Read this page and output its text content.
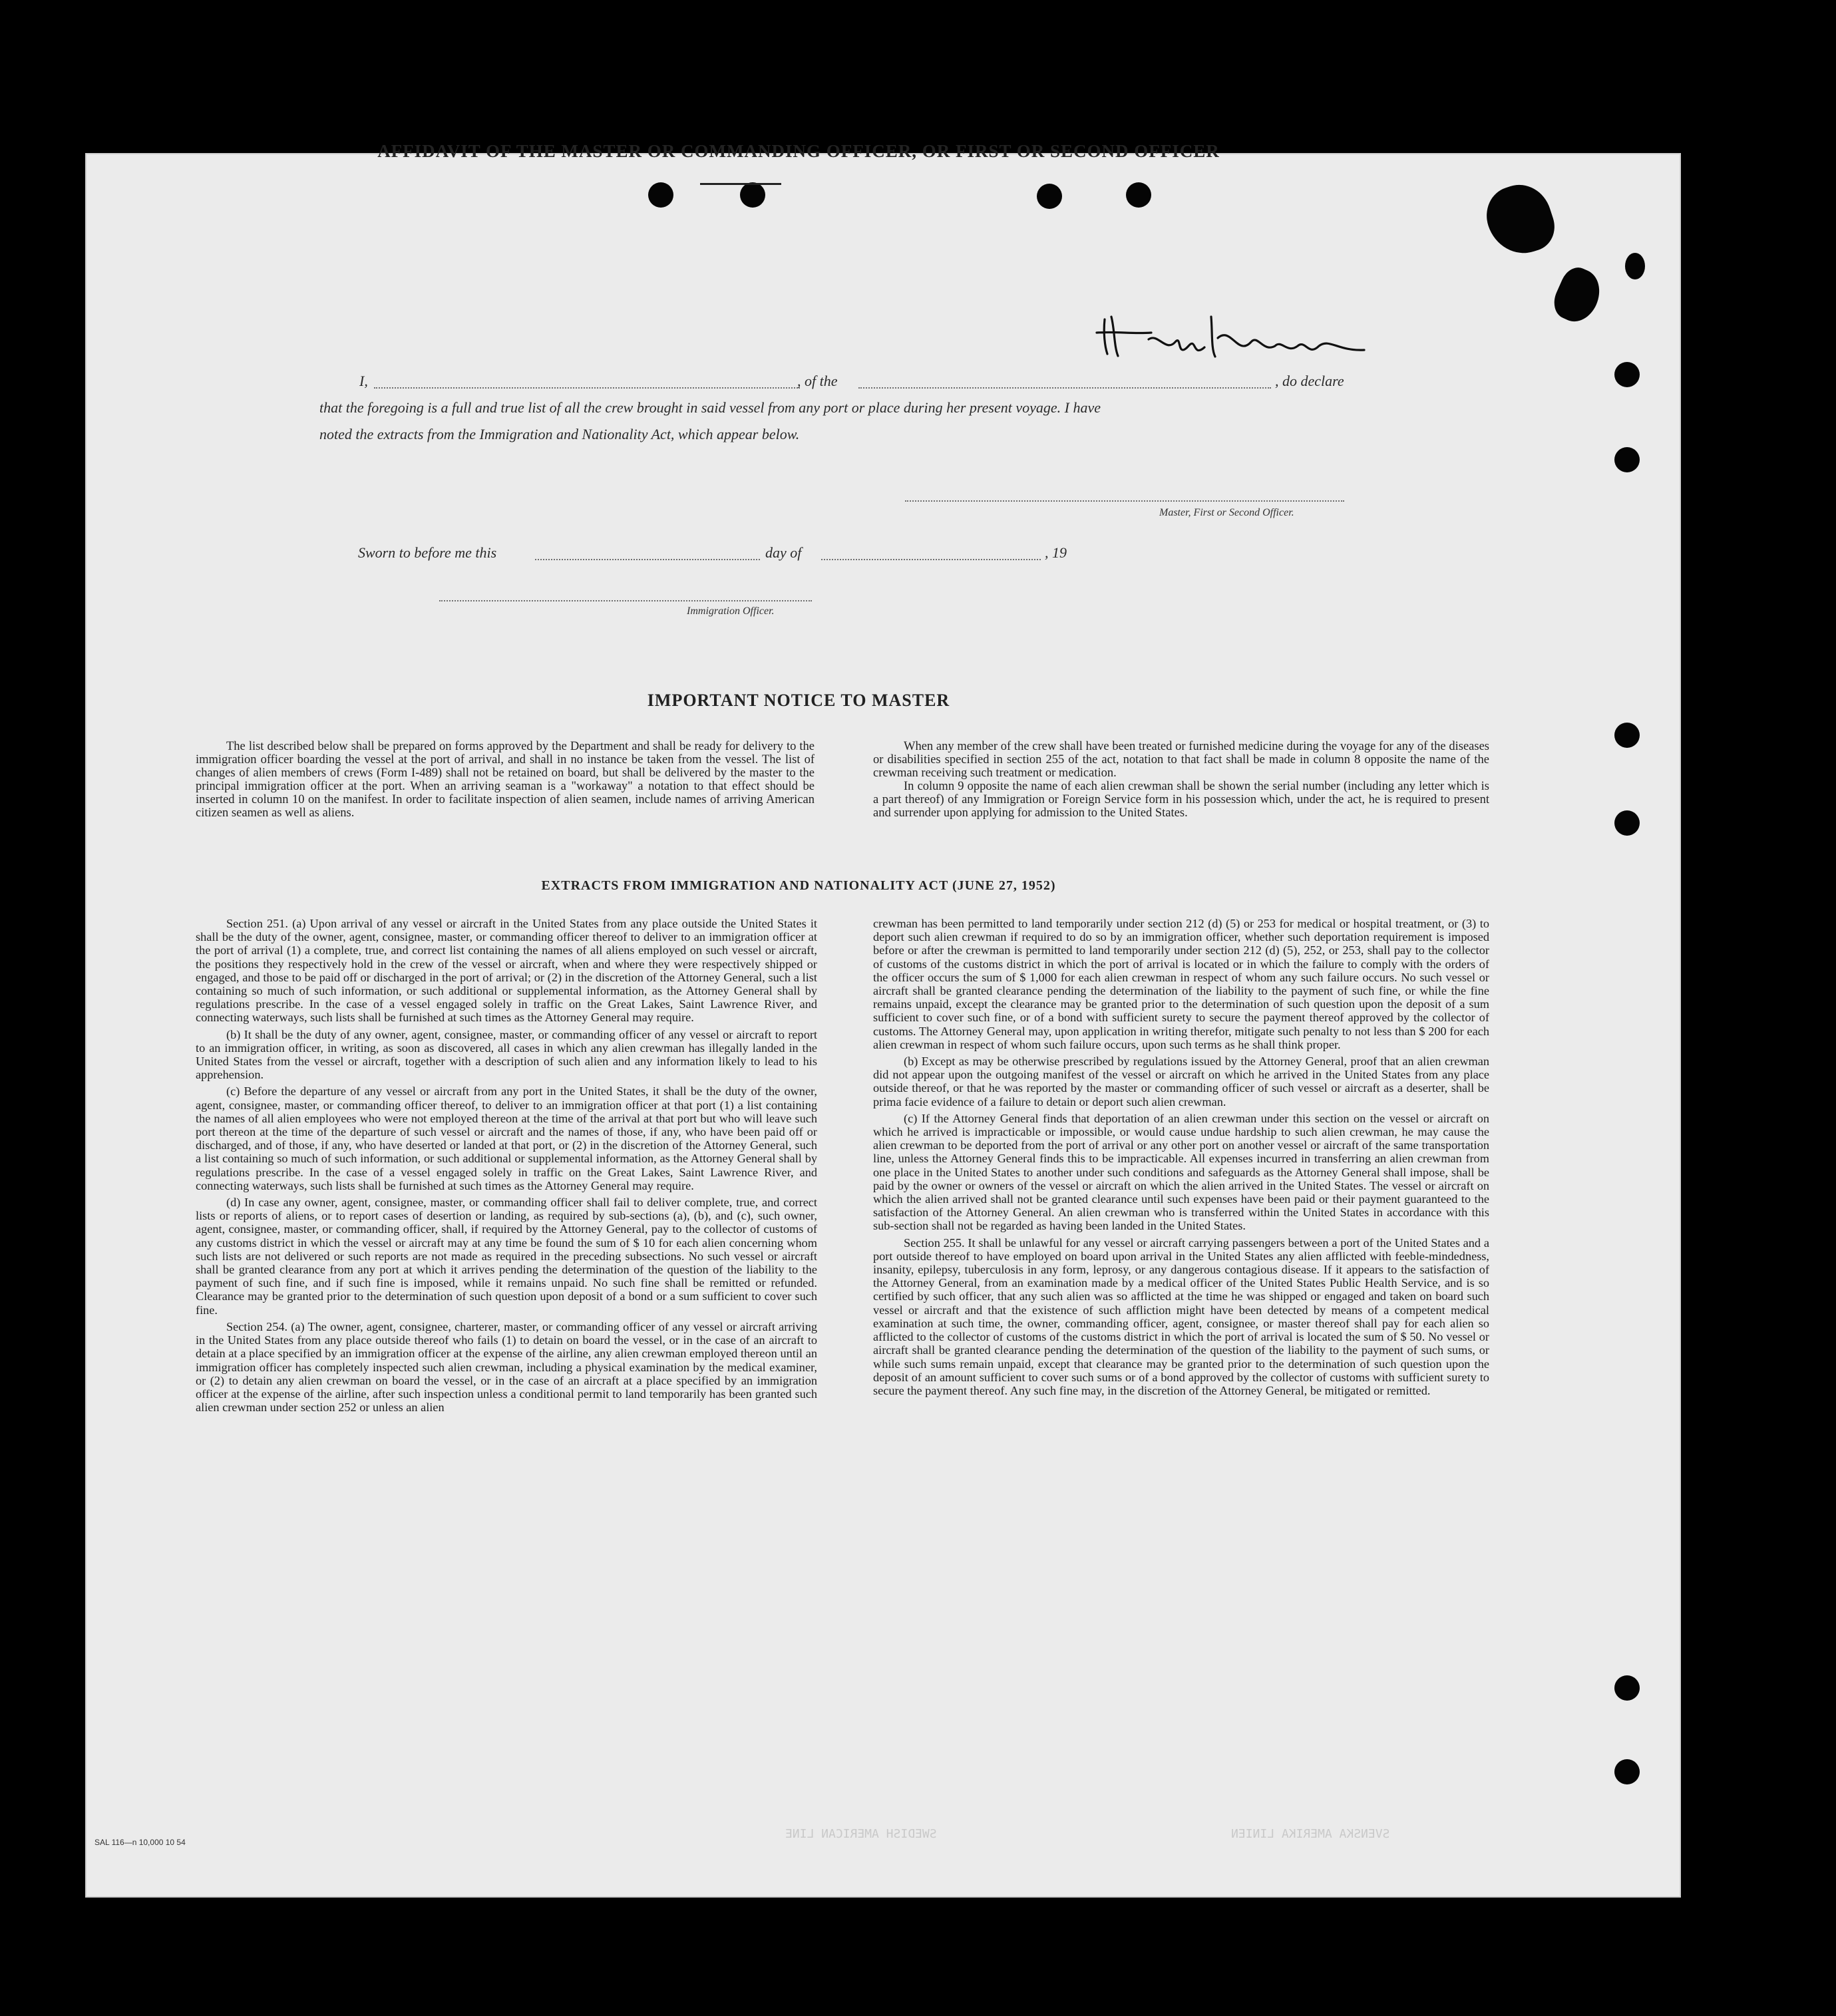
SVENSKA AMERIKA LINIEN
SWEDISH AMERICAN LINE
AFFIDAVIT OF THE MASTER OR COMMANDING OFFICER, OR FIRST OR SECOND OFFICER
I,	, of the	, do declare
that the foregoing is a full and true list of all the crew brought in said vessel from any port or place during her present voyage. I have
noted the extracts from the Immigration and Nationality Act, which appear below.
Master, First or Second Officer.
Sworn to before me this	day of	, 19
Immigration Officer.
IMPORTANT NOTICE TO MASTER

The list described below shall be prepared on forms approved by the Department and shall be ready for delivery to the immigration officer boarding the vessel at the port of arrival, and shall in no instance be taken from the vessel. The list of changes of alien members of crews (Form I-489) shall not be retained on board, but shall be delivered by the master to the principal immigration officer at the port. When an arriving seaman is a "workaway" a notation to that effect should be inserted in column 10 on the manifest. In order to facilitate inspection of alien seamen, include names of arriving American citizen seamen as well as aliens.

When any member of the crew shall have been treated or furnished medicine during the voyage for any of the diseases or disabilities specified in section 255 of the act, notation to that fact shall be made in column 8 opposite the name of the crewman receiving such treatment or medication.

In column 9 opposite the name of each alien crewman shall be shown the serial number (including any letter which is a part thereof) of any Immigration or Foreign Service form in his possession which, under the act, he is required to present and surrender upon applying for admission to the United States.

EXTRACTS FROM IMMIGRATION AND NATIONALITY ACT (JUNE 27, 1952)

Section 251. (a) Upon arrival of any vessel or aircraft in the United States from any place outside the United States it shall be the duty of the owner, agent, consignee, master, or commanding officer thereof to deliver to an immigration officer at the port of arrival (1) a complete, true, and correct list containing the names of all aliens employed on such vessel or aircraft, the positions they respectively hold in the crew of the vessel or aircraft, when and where they were respectively shipped or engaged, and those to be paid off or discharged in the port of arrival; or (2) in the discretion of the Attorney General, such a list containing so much of such information, or such additional or supplemental information, as the Attorney General shall by regulations prescribe. In the case of a vessel engaged solely in traffic on the Great Lakes, Saint Lawrence River, and connecting waterways, such lists shall be furnished at such times as the Attorney General may require.

(b) It shall be the duty of any owner, agent, consignee, master, or commanding officer of any vessel or aircraft to report to an immigration officer, in writing, as soon as discovered, all cases in which any alien crewman has illegally landed in the United States from the vessel or aircraft, together with a description of such alien and any information likely to lead to his apprehension.

(c) Before the departure of any vessel or aircraft from any port in the United States, it shall be the duty of the owner, agent, consignee, master, or commanding officer thereof, to deliver to an immigration officer at that port (1) a list containing the names of all alien employees who were not employed thereon at the time of the arrival at that port but who will leave such port thereon at the time of the departure of such vessel or aircraft and the names of those, if any, who have been paid off or discharged, and of those, if any, who have deserted or landed at that port, or (2) in the discretion of the Attorney General, such a list containing so much of such information, or such additional or supplemental information, as the Attorney General shall by regulations prescribe. In the case of a vessel engaged solely in traffic on the Great Lakes, Saint Lawrence River, and connecting waterways, such lists shall be furnished at such times as the Attorney General may require.

(d) In case any owner, agent, consignee, master, or commanding officer shall fail to deliver complete, true, and correct lists or reports of aliens, or to report cases of desertion or landing, as required by sub-sections (a), (b), and (c), such owner, agent, consignee, master, or commanding officer, shall, if required by the Attorney General, pay to the collector of customs of any customs district in which the vessel or aircraft may at any time be found the sum of $ 10 for each alien concerning whom such lists are not delivered or such reports are not made as required in the preceding subsections. No such vessel or aircraft shall be granted clearance from any port at which it arrives pending the determination of the question of the liability to the payment of such fine, and if such fine is imposed, while it remains unpaid. No such fine shall be remitted or refunded. Clearance may be granted prior to the determination of such question upon deposit of a bond or a sum sufficient to cover such fine.

Section 254. (a) The owner, agent, consignee, charterer, master, or commanding officer of any vessel or aircraft arriving in the United States from any place outside thereof who fails (1) to detain on board the vessel, or in the case of an aircraft to detain at a place specified by an immigration officer at the expense of the airline, any alien crewman employed thereon until an immigration officer has completely inspected such alien crewman, including a physical examination by the medical examiner, or (2) to detain any alien crewman on board the vessel, or in the case of an aircraft at a place specified by an immigration officer at the expense of the airline, after such inspection unless a conditional permit to land temporarily has been granted such alien crewman under section 252 or unless an alien

crewman has been permitted to land temporarily under section 212 (d) (5) or 253 for medical or hospital treatment, or (3) to deport such alien crewman if required to do so by an immigration officer, whether such deportation requirement is imposed before or after the crewman is permitted to land temporarily under section 212 (d) (5), 252, or 253, shall pay to the collector of customs of the customs district in which the port of arrival is located or in which the failure to comply with the orders of the officer occurs the sum of $ 1,000 for each alien crewman in respect of whom any such failure occurs. No such vessel or aircraft shall be granted clearance pending the determination of the liability to the payment of such fine, or while the fine remains unpaid, except the clearance may be granted prior to the determination of such question upon the deposit of a sum sufficient to cover such fine, or of a bond with sufficient surety to secure the payment thereof approved by the collector of customs. The Attorney General may, upon application in writing therefor, mitigate such penalty to not less than $ 200 for each alien crewman in respect of whom such failure occurs, upon such terms as he shall think proper.

(b) Except as may be otherwise prescribed by regulations issued by the Attorney General, proof that an alien crewman did not appear upon the outgoing manifest of the vessel or aircraft on which he arrived in the United States from any place outside thereof, or that he was reported by the master or commanding officer of such vessel or aircraft as a deserter, shall be prima facie evidence of a failure to detain or deport such alien crewman.

(c) If the Attorney General finds that deportation of an alien crewman under this section on the vessel or aircraft on which he arrived is impracticable or impossible, or would cause undue hardship to such alien crewman, he may cause the alien crewman to be deported from the port of arrival or any other port on another vessel or aircraft of the same transportation line, unless the Attorney General finds this to be impracticable. All expenses incurred in transferring an alien crewman from one place in the United States to another under such conditions and safeguards as the Attorney General shall impose, shall be paid by the owner or owners of the vessel or aircraft on which the alien arrived in the United States. The vessel or aircraft on which the alien arrived shall not be granted clearance until such expenses have been paid or their payment guaranteed to the satisfaction of the Attorney General. An alien crewman who is transferred within the United States in accordance with this sub-section shall not be regarded as having been landed in the United States.

Section 255. It shall be unlawful for any vessel or aircraft carrying passengers between a port of the United States and a port outside thereof to have employed on board upon arrival in the United States any alien afflicted with feeble-mindedness, insanity, epilepsy, tuberculosis in any form, leprosy, or any dangerous contagious disease. If it appears to the satisfaction of the Attorney General, from an examination made by a medical officer of the United States Public Health Service, and is so certified by such officer, that any such alien was so afflicted at the time he was shipped or engaged and taken on board such vessel or aircraft and that the existence of such affliction might have been detected by means of a competent medical examination at such time, the owner, commanding officer, agent, consignee, or master thereof shall pay for each alien so afflicted to the collector of customs of the customs district in which the port of arrival is located the sum of $ 50. No vessel or aircraft shall be granted clearance pending the determination of the question of the liability to the payment of such sums, or while such sums remain unpaid, except that clearance may be granted prior to the determination of such question upon the deposit of an amount sufficient to cover such sums or of a bond approved by the collector of customs with sufficient surety to secure the payment thereof. Any such fine may, in the discretion of the Attorney General, be mitigated or remitted.

SAL 116—n 10,000 10 54
